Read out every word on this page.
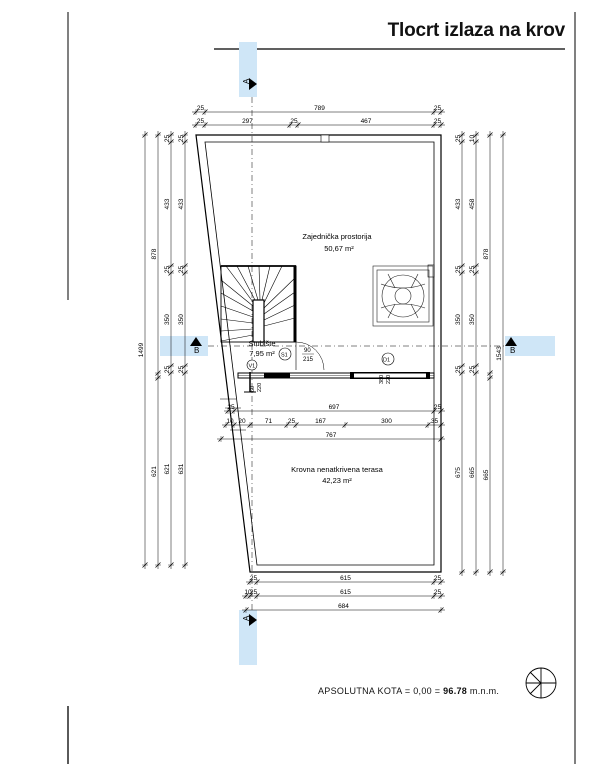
Tlocrt izlaza na krov
A
A
B	B
S1
V1
D1
90
215
380 220
60 220
Zajednička prostorija
50,67 m²
Stubište
7,95 m²
Krovna nenatkrivena terasa
42,23 m²
25	789	25
25	297	25	467	25
1499
878
621
25
433
25
350
25
621
25
433
25
350
25
631
25
433
25
350
25
675
10
458
25
350
25
665
878
665
1543
25	697	25
10 20	71 25	167	300	35
767
25	615	25
10
25	615	25
684
APSOLUTNA KOTA = 0,00 = 96.78 m.n.m.
